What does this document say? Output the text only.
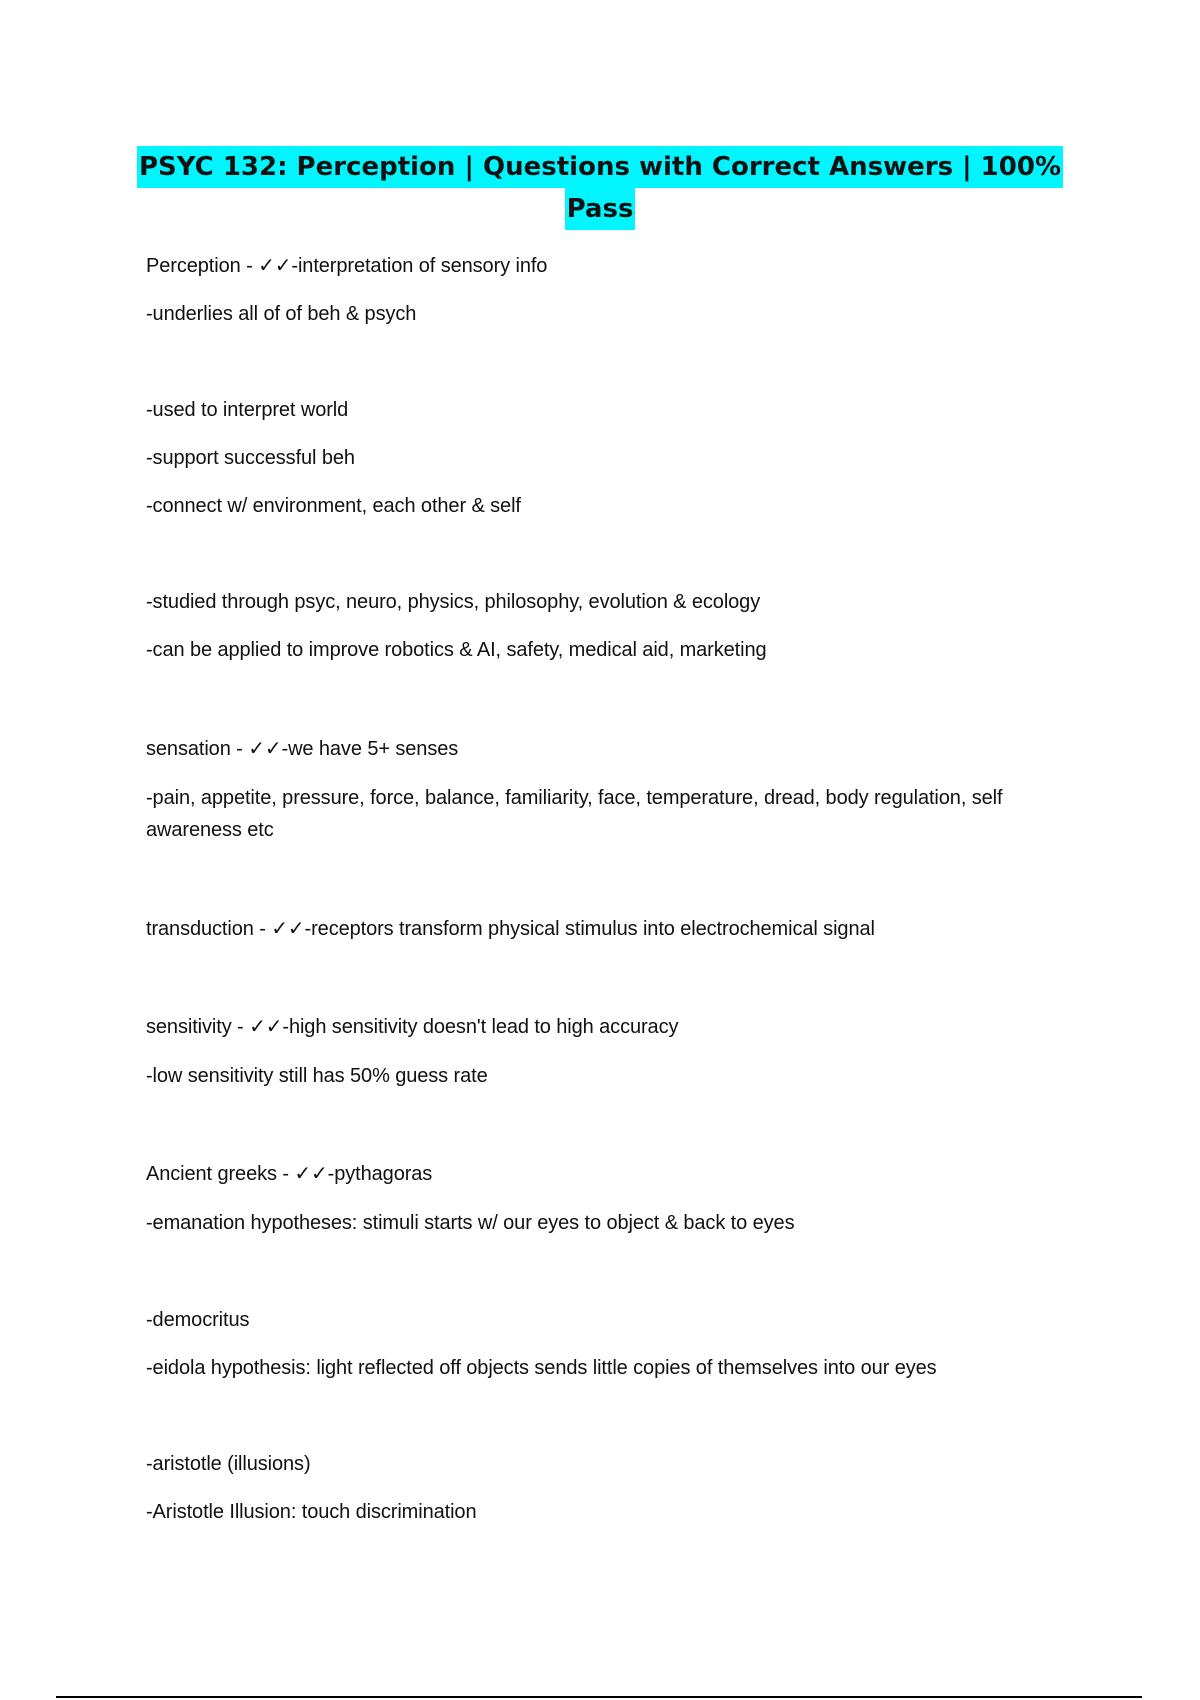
PSYC 132: Perception | Questions with Correct Answers | 100%
Pass
Perception - ✓✓-interpretation of sensory info
-underlies all of of beh & psych
-used to interpret world
-support successful beh
-connect w/ environment, each other & self
-studied through psyc, neuro, physics, philosophy, evolution & ecology
-can be applied to improve robotics & AI, safety, medical aid, marketing
sensation - ✓✓-we have 5+ senses
-pain, appetite, pressure, force, balance, familiarity, face, temperature, dread, body regulation, self awareness etc
transduction - ✓✓-receptors transform physical stimulus into electrochemical signal
sensitivity - ✓✓-high sensitivity doesn't lead to high accuracy
-low sensitivity still has 50% guess rate
Ancient greeks - ✓✓-pythagoras
-emanation hypotheses: stimuli starts w/ our eyes to object & back to eyes
-democritus
-eidola hypothesis: light reflected off objects sends little copies of themselves into our eyes
-aristotle (illusions)
-Aristotle Illusion: touch discrimination
